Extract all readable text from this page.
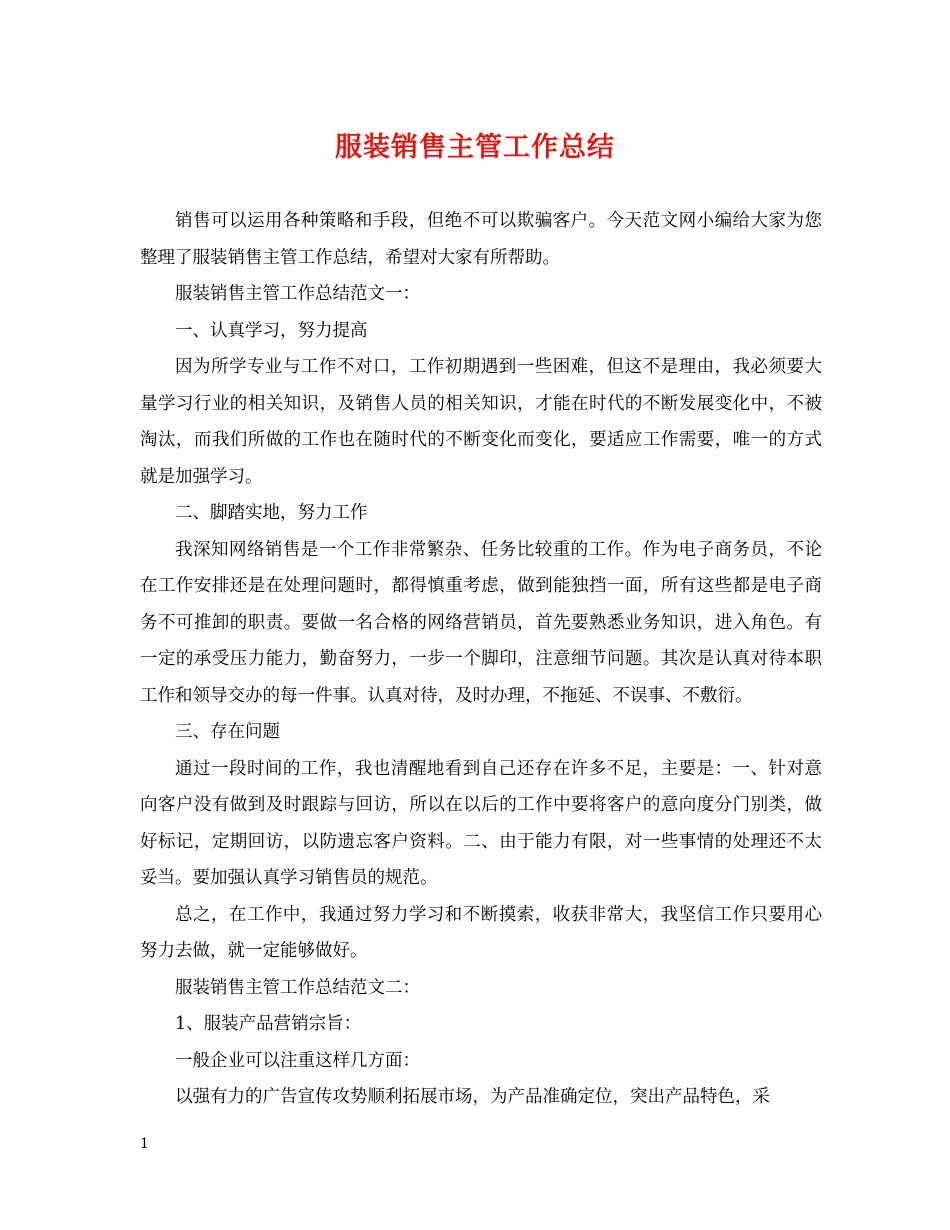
服装销售主管工作总结

销售可以运用各种策略和手段，但绝不可以欺骗客户。今天范文网小编给大家为您整理了服装销售主管工作总结，希望对大家有所帮助。

服装销售主管工作总结范文一：

一、认真学习，努力提高

因为所学专业与工作不对口，工作初期遇到一些困难，但这不是理由，我必须要大量学习行业的相关知识，及销售人员的相关知识，才能在时代的不断发展变化中，不被淘汰，而我们所做的工作也在随时代的不断变化而变化，要适应工作需要，唯一的方式就是加强学习。

二、脚踏实地，努力工作

我深知网络销售是一个工作非常繁杂、任务比较重的工作。作为电子商务员，不论在工作安排还是在处理问题时，都得慎重考虑，做到能独挡一面，所有这些都是电子商务不可推卸的职责。要做一名合格的网络营销员，首先要熟悉业务知识，进入角色。有一定的承受压力能力，勤奋努力，一步一个脚印，注意细节问题。其次是认真对待本职工作和领导交办的每一件事。认真对待，及时办理，不拖延、不误事、不敷衍。

三、存在问题

通过一段时间的工作，我也清醒地看到自己还存在许多不足，主要是：一、针对意向客户没有做到及时跟踪与回访，所以在以后的工作中要将客户的意向度分门别类，做好标记，定期回访，以防遗忘客户资料。二、由于能力有限，对一些事情的处理还不太妥当。要加强认真学习销售员的规范。

总之，在工作中，我通过努力学习和不断摸索，收获非常大，我坚信工作只要用心努力去做，就一定能够做好。

服装销售主管工作总结范文二：

1、服装产品营销宗旨：

一般企业可以注重这样几方面：

以强有力的广告宣传攻势顺利拓展市场，为产品准确定位，突出产品特色，采

1
